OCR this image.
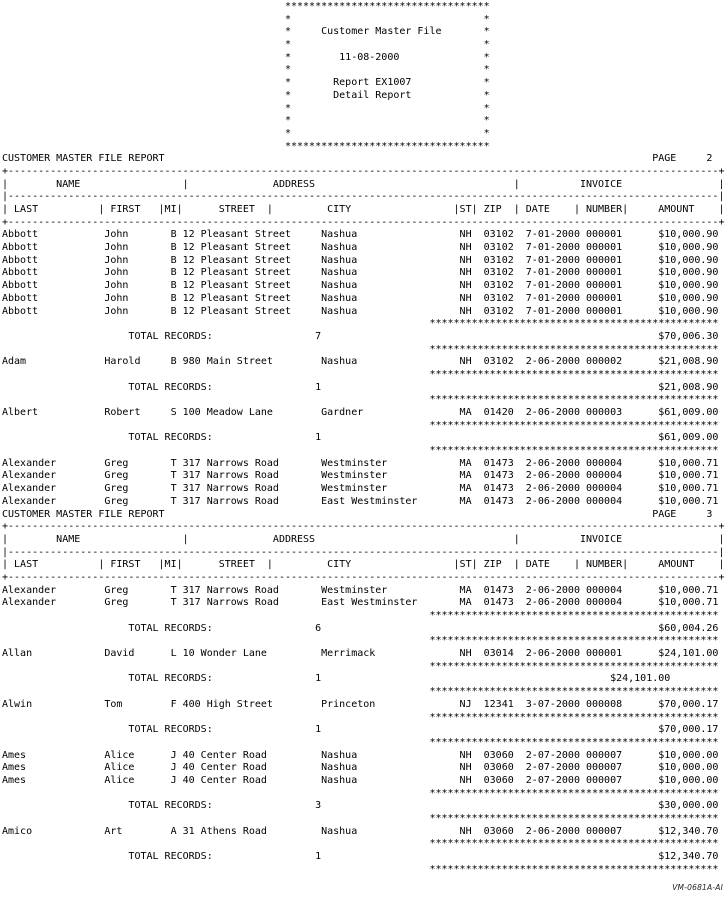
**********************************
*                                *
*     Customer Master File       *
*                                *
*        11-08-2000              *
*                                *
*       Report EX1007            *
*       Detail Report            *
*                                *
*                                *
*                                *
**********************************
CUSTOMER MASTER FILE REPORT                                                                                 PAGE     2
+----------------------------------------------------------------------------------------------------------------------+
|        NAME                 |              ADDRESS                                 |          INVOICE                |
|----------------------------------------------------------------------------------------------------------------------|
| LAST          | FIRST   |MI|      STREET  |         CITY                 |ST| ZIP  | DATE    | NUMBER|     AMOUNT    |
+----------------------------------------------------------------------------------------------------------------------+
Abbott           John       B 12 Pleasant Street     Nashua                 NH  03102  7-01-2000 000001      $10,000.90
Abbott           John       B 12 Pleasant Street     Nashua                 NH  03102  7-01-2000 000001      $10,000.90
Abbott           John       B 12 Pleasant Street     Nashua                 NH  03102  7-01-2000 000001      $10,000.90
Abbott           John       B 12 Pleasant Street     Nashua                 NH  03102  7-01-2000 000001      $10,000.90
Abbott           John       B 12 Pleasant Street     Nashua                 NH  03102  7-01-2000 000001      $10,000.90
Abbott           John       B 12 Pleasant Street     Nashua                 NH  03102  7-01-2000 000001      $10,000.90
Abbott           John       B 12 Pleasant Street     Nashua                 NH  03102  7-01-2000 000001      $10,000.90
************************************************
TOTAL RECORDS:                 7                                                        $70,006.30
************************************************
Adam             Harold     B 980 Main Street        Nashua                 NH  03102  2-06-2000 000002      $21,008.90
************************************************
TOTAL RECORDS:                 1                                                        $21,008.90
************************************************
Albert           Robert     S 100 Meadow Lane        Gardner                MA  01420  2-06-2000 000003      $61,009.00
************************************************
TOTAL RECORDS:                 1                                                        $61,009.00
************************************************
Alexander        Greg       T 317 Narrows Road       Westminster            MA  01473  2-06-2000 000004      $10,000.71
Alexander        Greg       T 317 Narrows Road       Westminster            MA  01473  2-06-2000 000004      $10,000.71
Alexander        Greg       T 317 Narrows Road       Westminster            MA  01473  2-06-2000 000004      $10,000.71
Alexander        Greg       T 317 Narrows Road       East Westminster       MA  01473  2-06-2000 000004      $10,000.71
CUSTOMER MASTER FILE REPORT                                                                                 PAGE     3
+----------------------------------------------------------------------------------------------------------------------+
|        NAME                 |              ADDRESS                                 |          INVOICE                |
|----------------------------------------------------------------------------------------------------------------------|
| LAST          | FIRST   |MI|      STREET  |         CITY                 |ST| ZIP  | DATE    | NUMBER|     AMOUNT    |
+----------------------------------------------------------------------------------------------------------------------+
Alexander        Greg       T 317 Narrows Road       Westminster            MA  01473  2-06-2000 000004      $10,000.71
Alexander        Greg       T 317 Narrows Road       East Westminster       MA  01473  2-06-2000 000004      $10,000.71
************************************************
TOTAL RECORDS:                 6                                                        $60,004.26
************************************************
Allan            David      L 10 Wonder Lane         Merrimack              NH  03014  2-06-2000 000001      $24,101.00
************************************************
TOTAL RECORDS:                 1                                                $24,101.00
************************************************
Alwin            Tom        F 400 High Street        Princeton              NJ  12341  3-07-2000 000008      $70,000.17
************************************************
TOTAL RECORDS:                 1                                                        $70,000.17
************************************************
Ames             Alice      J 40 Center Road         Nashua                 NH  03060  2-07-2000 000007      $10,000.00
Ames             Alice      J 40 Center Road         Nashua                 NH  03060  2-07-2000 000007      $10,000.00
Ames             Alice      J 40 Center Road         Nashua                 NH  03060  2-07-2000 000007      $10,000.00
************************************************
TOTAL RECORDS:                 3                                                        $30,000.00
************************************************
Amico            Art        A 31 Athens Road         Nashua                 NH  03060  2-06-2000 000007      $12,340.70
************************************************
TOTAL RECORDS:                 1                                                        $12,340.70
************************************************
VM-0681A-AI
